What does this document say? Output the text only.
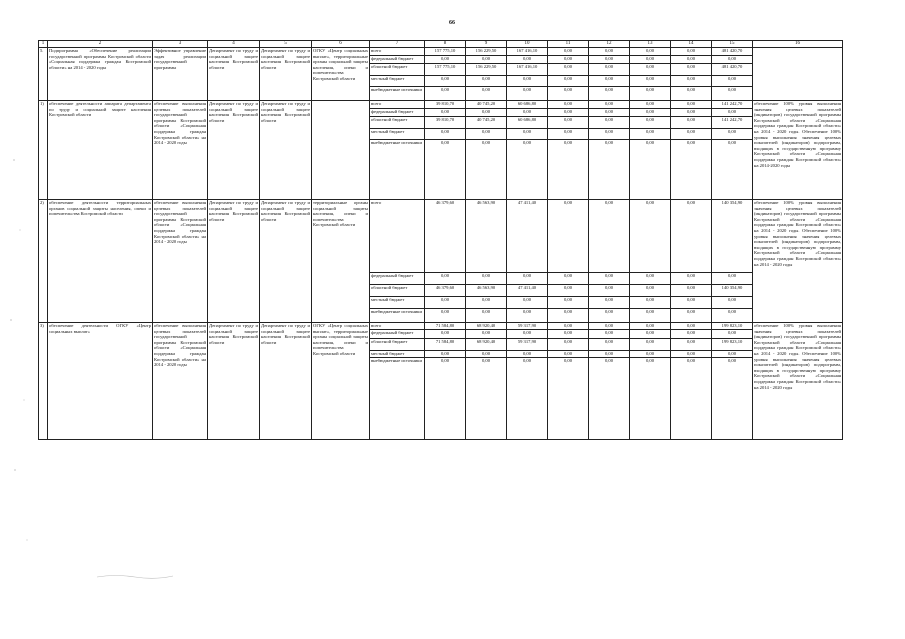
66
1	2	3	4	5	6	7	8	9	10	11	12	13	14	15	16
5.	Подпрограмма «Обеспечение реализации государственной программы Костромской области «Социальная поддержка граждан Костромской области» на 2014 - 2020 годы	Эффективное управление задач реализации государственной программы	Департамент по труду и социальной защите населения Костромской области	Департамент по труду и социальной защите населения Костромской области	ОГКУ «Центр социальных выплат», территориальные органы социальной защиты населения, опеки и попечительства Костромской области	всего	157 775,10	156 229,50	167 416,10	0,00	0,00	0,00	0,00	481 420,70	
						федеральный бюджет	0,00	0,00	0,00	0,00	0,00	0,00	0,00	0,00	
						областной бюджет	157 775,10	156 229,50	167 416,10	0,00	0,00	0,00	0,00	481 420,70	
						местный бюджет	0,00	0,00	0,00	0,00	0,00	0,00	0,00	0,00	
						внебюджетные источники	0,00	0,00	0,00	0,00	0,00	0,00	0,00	0,00	
1)	обеспечение деятельности аппарата департамента по труду и социальной защите населения Костромской области	обеспечение выполнения целевых показателей государственной программы Костромской области «Социальная поддержка граждан Костромской области» на 2014 - 2020 годы	Департамент по труду и социальной защите населения Костромской области	Департамент по труду и социальной защите населения Костромской области		всего	39 810,70	40 745,20	60 686,80	0,00	0,00	0,00	0,00	141 242,70	обеспечение 100% уровня выполнения значения целевых показателей (индикаторов) государственной программы Костромской области «Социальная поддержка граждан Костромской области» на 2014 - 2020 годы. Обеспечение 100% уровня выполнения значения целевых показателей (индикаторов) подпрограмм, входящих в государственную программу Костромской области «Социальная поддержка граждан Костромской области» на 2014-2020 годы
						федеральный бюджет	0,00	0,00	0,00	0,00	0,00	0,00	0,00	0,00	
						областной бюджет	39 810,70	40 745,20	60 686,80	0,00	0,00	0,00	0,00	141 242,70	
						местный бюджет	0,00	0,00	0,00	0,00	0,00	0,00	0,00	0,00	
						внебюджетные источники	0,00	0,00	0,00	0,00	0,00	0,00	0,00	0,00	
2)	обеспечение деятельности территориальных органов социальной защиты населения, опеки и попечительства Костромской области	обеспечение выполнения целевых показателей государственной программы Костромской области «Социальная поддержка граждан Костромской области» на 2014 - 2020 годы	Департамент по труду и социальной защите населения Костромской области	Департамент по труду и социальной защите населения Костромской области	территориальные органы социальной защиты населения, опеки и попечительства Костромской области	всего	46 379,60	46 563,90	47 411,40	0,00	0,00	0,00	0,00	140 354,90	обеспечение 100% уровня выполнения значения целевых показателей (индикаторов) государственной программы Костромской области «Социальная поддержка граждан Костромской области» на 2014 - 2020 годы. Обеспечение 100% уровня выполнения значения целевых показателей (индикаторов) подпрограмм, входящих в государственную программу Костромской области «Социальная поддержка граждан Костромской области» на 2014 - 2020 годы
						федеральный бюджет	0,00	0,00	0,00	0,00	0,00	0,00	0,00	0,00	
						областной бюджет	46 379,60	46 563,90	47 411,40	0,00	0,00	0,00	0,00	140 354,90	
						местный бюджет	0,00	0,00	0,00	0,00	0,00	0,00	0,00	0,00	
						внебюджетные источники	0,00	0,00	0,00	0,00	0,00	0,00	0,00	0,00	
3)	обеспечение деятельности ОГКУ «Центр социальных выплат»	обеспечение выполнения целевых показателей государственной программы Костромской области «Социальная поддержка граждан Костромской области» на 2014 - 2020 годы	Департамент по труду и социальной защите населения Костромской области	Департамент по труду и социальной защите населения Костромской области	ОГКУ «Центр социальных выплат», территориальные органы социальной защиты населения, опеки и попечительства Костромской области	всего	71 584,80	68 920,40	59 317,90	0,00	0,00	0,00	0,00	199 823,10	обеспечение 100% уровня выполнения значения целевых показателей (индикаторов) государственной программы Костромской области «Социальная поддержка граждан Костромской области» на 2014 - 2020 годы. Обеспечение 100% уровня выполнения значения целевых показателей (индикаторов) подпрограмм, входящих в государственную программу Костромской области «Социальная поддержка граждан Костромской области» на 2014 - 2020 годы
						федеральный бюджет	0,00	0,00	0,00	0,00	0,00	0,00	0,00	0,00	
						областной бюджет	71 584,80	68 920,40	59 317,90	0,00	0,00	0,00	0,00	199 823,10	
						местный бюджет	0,00	0,00	0,00	0,00	0,00	0,00	0,00	0,00	
						внебюджетные источники	0,00	0,00	0,00	0,00	0,00	0,00	0,00	0,00	
